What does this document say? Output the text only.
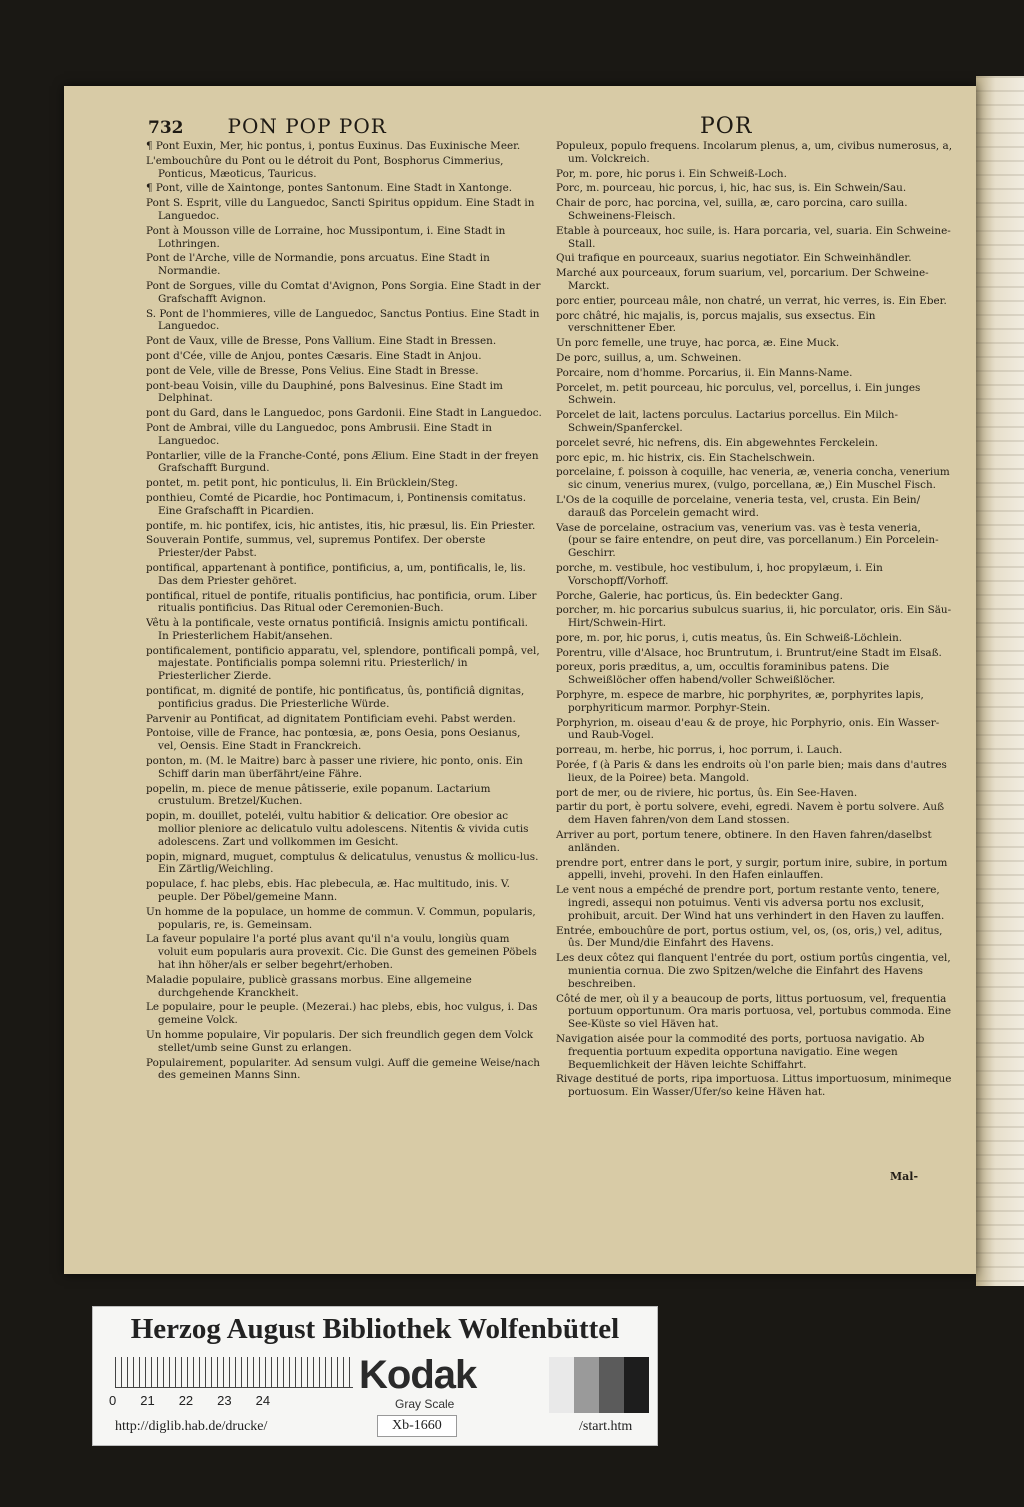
732 PON POP POR	POR

¶ Pont Euxin, Mer, hic pontus, i, pontus Euxinus. Das Euxinische Meer.

L'embouchûre du Pont ou le détroit du Pont, Bosphorus Cimmerius, Ponticus, Mæoticus, Tauricus.

¶ Pont, ville de Xaintonge, pontes Santonum. Eine Stadt in Xantonge.

Pont S. Esprit, ville du Languedoc, Sancti Spiritus oppidum. Eine Stadt in Languedoc.

Pont à Mousson ville de Lorraine, hoc Mussipontum, i. Eine Stadt in Lothringen.

Pont de l'Arche, ville de Normandie, pons arcuatus. Eine Stadt in Normandie.

Pont de Sorgues, ville du Comtat d'Avignon, Pons Sorgia. Eine Stadt in der Grafschafft Avignon.

S. Pont de l'hommieres, ville de Languedoc, Sanctus Pontius. Eine Stadt in Languedoc.

Pont de Vaux, ville de Bresse, Pons Vallium. Eine Stadt in Bressen.

pont d'Cée, ville de Anjou, pontes Cæsaris. Eine Stadt in Anjou.

pont de Vele, ville de Bresse, Pons Velius. Eine Stadt in Bresse.

pont-beau Voisin, ville du Dauphiné, pons Balvesinus. Eine Stadt im Delphinat.

pont du Gard, dans le Languedoc, pons Gardonii. Eine Stadt in Languedoc.

Pont de Ambrai, ville du Languedoc, pons Ambrusii. Eine Stadt in Languedoc.

Pontarlier, ville de la Franche-Conté, pons Ælium. Eine Stadt in der freyen Grafschafft Burgund.

pontet, m. petit pont, hic ponticulus, li. Ein Brücklein/Steg.

ponthieu, Comté de Picardie, hoc Pontimacum, i, Pontinensis comitatus. Eine Grafschafft in Picardien.

pontife, m. hic pontifex, icis, hic antistes, itis, hic præsul, lis. Ein Priester.

Souverain Pontife, summus, vel, supremus Pontifex. Der oberste Priester/der Pabst.

pontifical, appartenant à pontifice, pontificius, a, um, pontificalis, le, lis. Das dem Priester gehöret.

pontifical, rituel de pontife, ritualis pontificius, hac pontificia, orum. Liber ritualis pontificius. Das Ritual oder Ceremonien-Buch.

Vêtu à la pontificale, veste ornatus pontificiâ. Insignis amictu pontificali. In Priesterlichem Habit/ansehen.

pontificalement, pontificio apparatu, vel, splendore, pontificali pompâ, vel, majestate. Pontificialis pompa solemni ritu. Priesterlich/ in Priesterlicher Zierde.

pontificat, m. dignité de pontife, hic pontificatus, ûs, pontificiâ dignitas, pontificius gradus. Die Priesterliche Würde.

Parvenir au Pontificat, ad dignitatem Pontificiam evehi. Pabst werden.

Pontoise, ville de France, hac pontœsia, æ, pons Oesia, pons Oesianus, vel, Oensis. Eine Stadt in Franckreich.

ponton, m. (M. le Maitre) barc à passer une riviere, hic ponto, onis. Ein Schiff darin man überfährt/eine Fähre.

popelin, m. piece de menue pâtisserie, exile popanum. Lactarium crustulum. Bretzel/Kuchen.

popin, m. douillet, poteléi, vultu habitior & delicatior. Ore obesior ac mollior pleniore ac delicatulo vultu adolescens. Nitentis & vivida cutis adolescens. Zart und vollkommen im Gesicht.

popin, mignard, muguet, comptulus & delicatulus, venustus & mollicu-lus. Ein Zärtlig/Weichling.

populace, f. hac plebs, ebis. Hac plebecula, æ. Hac multitudo, inis. V. peuple. Der Pöbel/gemeine Mann.

Un homme de la populace, un homme de commun. V. Commun, popularis, popularis, re, is. Gemeinsam.

La faveur populaire l'a porté plus avant qu'il n'a voulu, longiùs quam voluit eum popularis aura provexit. Cic. Die Gunst des gemeinen Pöbels hat ihn höher/als er selber begehrt/erhoben.

Maladie populaire, publicè grassans morbus. Eine allgemeine durchgehende Kranckheit.

Le populaire, pour le peuple. (Mezerai.) hac plebs, ebis, hoc vulgus, i. Das gemeine Volck.

Un homme populaire, Vir popularis. Der sich freundlich gegen dem Volck stellet/umb seine Gunst zu erlangen.

Populairement, populariter. Ad sensum vulgi. Auff die gemeine Weise/nach des gemeinen Manns Sinn.

Populeux, populo frequens. Incolarum plenus, a, um, civibus numerosus, a, um. Volckreich.

Por, m. pore, hic porus i. Ein Schweiß-Loch.

Porc, m. pourceau, hic porcus, i, hic, hac sus, is. Ein Schwein/Sau.

Chair de porc, hac porcina, vel, suilla, æ, caro porcina, caro suilla. Schweinens-Fleisch.

Etable à pourceaux, hoc suile, is. Hara porcaria, vel, suaria. Ein Schweine-Stall.

Qui trafique en pourceaux, suarius negotiator. Ein Schweinhändler.

Marché aux pourceaux, forum suarium, vel, porcarium. Der Schweine-Marckt.

porc entier, pourceau mâle, non chatré, un verrat, hic verres, is. Ein Eber.

porc châtré, hic majalis, is, porcus majalis, sus exsectus. Ein verschnittener Eber.

Un porc femelle, une truye, hac porca, æ. Eine Muck.

De porc, suillus, a, um. Schweinen.

Porcaire, nom d'homme. Porcarius, ii. Ein Manns-Name.

Porcelet, m. petit pourceau, hic porculus, vel, porcellus, i. Ein junges Schwein.

Porcelet de lait, lactens porculus. Lactarius porcellus. Ein Milch-Schwein/Spanferckel.

porcelet sevré, hic nefrens, dis. Ein abgewehntes Ferckelein.

porc epic, m. hic histrix, cis. Ein Stachelschwein.

porcelaine, f. poisson à coquille, hac veneria, æ, veneria concha, venerium sic cinum, venerius murex, (vulgo, porcellana, æ,) Ein Muschel Fisch.

L'Os de la coquille de porcelaine, veneria testa, vel, crusta. Ein Bein/ darauß das Porcelein gemacht wird.

Vase de porcelaine, ostracium vas, venerium vas. vas è testa veneria, (pour se faire entendre, on peut dire, vas porcellanum.) Ein Porcelein-Geschirr.

porche, m. vestibule, hoc vestibulum, i, hoc propylæum, i. Ein Vorschopff/Vorhoff.

Porche, Galerie, hac porticus, ûs. Ein bedeckter Gang.

porcher, m. hic porcarius subulcus suarius, ii, hic porculator, oris. Ein Säu-Hirt/Schwein-Hirt.

pore, m. por, hic porus, i, cutis meatus, ûs. Ein Schweiß-Löchlein.

Porentru, ville d'Alsace, hoc Bruntrutum, i. Bruntrut/eine Stadt im Elsaß.

poreux, poris præditus, a, um, occultis foraminibus patens. Die Schweißlöcher offen habend/voller Schweißlöcher.

Porphyre, m. espece de marbre, hic porphyrites, æ, porphyrites lapis, porphyriticum marmor. Porphyr-Stein.

Porphyrion, m. oiseau d'eau & de proye, hic Porphyrio, onis. Ein Wasser- und Raub-Vogel.

porreau, m. herbe, hic porrus, i, hoc porrum, i. Lauch.

Porée, f (à Paris & dans les endroits où l'on parle bien; mais dans d'autres lieux, de la Poiree) beta. Mangold.

port de mer, ou de riviere, hic portus, ûs. Ein See-Haven.

partir du port, è portu solvere, evehi, egredi. Navem è portu solvere. Auß dem Haven fahren/von dem Land stossen.

Arriver au port, portum tenere, obtinere. In den Haven fahren/daselbst anländen.

prendre port, entrer dans le port, y surgir, portum inire, subire, in portum appelli, invehi, provehi. In den Hafen einlauffen.

Le vent nous a empéché de prendre port, portum restante vento, tenere, ingredi, assequi non potuimus. Venti vis adversa portu nos exclusit, prohibuit, arcuit. Der Wind hat uns verhindert in den Haven zu lauffen.

Entrée, embouchûre de port, portus ostium, vel, os, (os, oris,) vel, aditus, ûs. Der Mund/die Einfahrt des Havens.

Les deux côtez qui flanquent l'entrée du port, ostium portûs cingentia, vel, munientia cornua. Die zwo Spitzen/welche die Einfahrt des Havens beschreiben.

Côté de mer, où il y a beaucoup de ports, littus portuosum, vel, frequentia portuum opportunum. Ora maris portuosa, vel, portubus commoda. Eine See-Küste so viel Häven hat.

Navigation aisée pour la commodité des ports, portuosa navigatio. Ab frequentia portuum expedita opportuna navigatio. Eine wegen Bequemlichkeit der Häven leichte Schiffahrt.

Rivage destitué de ports, ripa importuosa. Littus importuosum, minimeque portuosum. Ein Wasser/Ufer/so keine Häven hat.

Mal-
Herzog August Bibliothek Wolfenbüttel
0 21 22 23 24
Kodak
Gray Scale
http://diglib.hab.de/drucke/	Xb-1660	/start.htm
